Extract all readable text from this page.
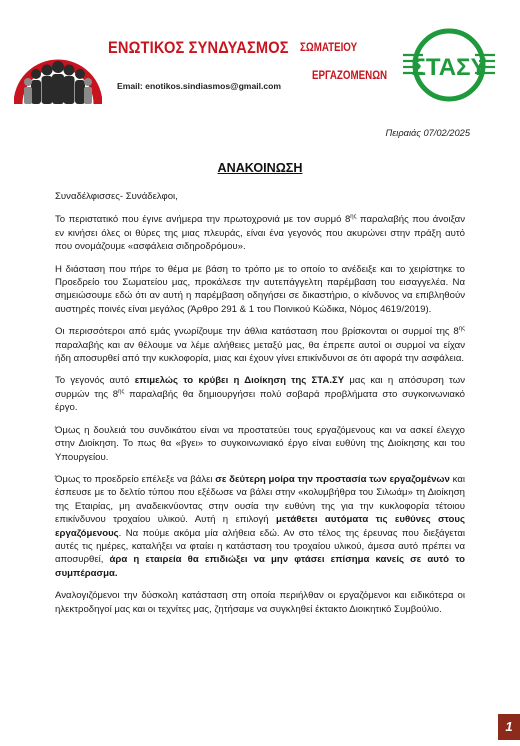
ΕΝΩΤΙΚΟΣ ΣΥΝΔΥΑΣΜΟΣ ΣΩΜΑΤΕΙΟΥ
ΕΡΓΑΖΟΜΕΝΩΝ
Email: enotikos.sindiasmos@gmail.com
ΣΤΑΣΥ
Πειραιάς 07/02/2025
ΑΝΑΚΟΙΝΩΣΗ

Συναδέλφισσες- Συνάδελφοι,

Το περιστατικό που έγινε ανήμερα την πρωτοχρονιά με τον συρμό $8^{\eta\varsigma}$ παραλαβής που άνοιξαν εν κινήσει όλες οι θύρες της μιας πλευράς, είναι ένα γεγονός που ακυρώνει στην πράξη αυτό που ονομάζουμε «ασφάλεια σιδηροδρόμου».

Η διάσταση που πήρε το θέμα με βάση το τρόπο με το οποίο το ανέδειξε και το χειρίστηκε το Προεδρείο του Σωματείου μας, προκάλεσε την αυτεπάγγελτη παρέμβαση του εισαγγελέα. Να σημειώσουμε εδώ ότι αν αυτή η παρέμβαση οδηγήσει σε δικαστήριο, ο κίνδυνος να επιβληθούν αυστηρές ποινές είναι μεγάλος (Άρθρο 291 & 1 του Ποινικού Κώδικα, Νόμος 4619/2019).

Οι περισσότεροι από εμάς γνωρίζουμε την άθλια κατάσταση που βρίσκονται οι συρμοί της $8^{\eta\varsigma}$ παραλαβής και αν θέλουμε να λέμε αλήθειες μεταξύ μας, θα έπρεπε αυτοί οι συρμοί να είχαν ήδη αποσυρθεί από την κυκλοφορία, μιας και έχουν γίνει επικίνδυνοι σε ότι αφορά την ασφάλεια.

Το γεγονός αυτό επιμελώς το κρύβει η Διοίκηση της ΣΤΑ.ΣΥ μας και η απόσυρση των συρμών της $8^{\eta\varsigma}$ παραλαβής θα δημιουργήσει πολύ σοβαρά προβλήματα στο συγκοινωνιακό έργο.

Όμως η δουλειά του συνδικάτου είναι να προστατεύει τους εργαζόμενους και να ασκεί έλεγχο στην Διοίκηση. Το πως θα «βγει» το συγκοινωνιακό έργο είναι ευθύνη της Διοίκησης και του Υπουργείου.

Όμως το προεδρείο επέλεξε να βάλει σε δεύτερη μοίρα την προστασία των εργαζομένων και έσπευσε με το δελτίο τύπου που εξέδωσε να βάλει στην «κολυμβήθρα του Σιλωάμ» τη Διοίκηση της Εταιρίας, μη αναδεικνύοντας στην ουσία την ευθύνη της για την κυκλοφορία τέτοιου επικίνδυνου τροχαίου υλικού. Αυτή η επιλογή μετάθετει αυτόματα τις ευθύνες στους εργαζόμενους. Να πούμε ακόμα μία αλήθεια εδώ. Αν στο τέλος της έρευνας που διεξάγεται αυτές τις ημέρες, καταλήξει να φταίει η κατάσταση του τροχαίου υλικού, άμεσα αυτό πρέπει να αποσυρθεί, άρα η εταιρεία θα επιδιώξει να μην φτάσει επίσημα κανείς σε αυτό το συμπέρασμα.

Αναλογιζόμενοι την δύσκολη κατάσταση στη οποία περιήλθαν οι εργαζόμενοι και ειδικότερα οι ηλεκτροδηγοί μας και οι τεχνίτες μας, ζητήσαμε να συγκληθεί έκτακτο Διοικητικό Συμβούλιο.

1
